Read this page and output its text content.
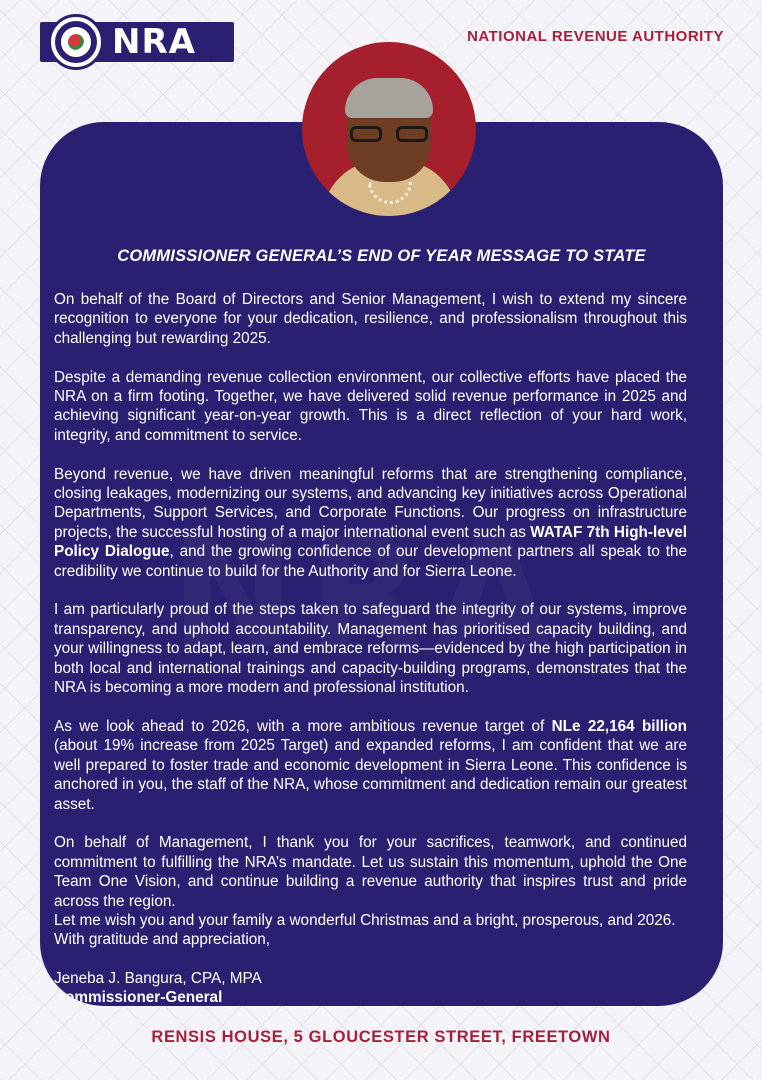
NRA	NATIONAL REVENUE AUTHORITY
COMMISSIONER GENERAL’S END OF YEAR MESSAGE TO STATE

On behalf of the Board of Directors and Senior Management, I wish to extend my sincere recognition to everyone for your dedication, resilience, and professionalism throughout this challenging but rewarding 2025.

Despite a demanding revenue collection environment, our collective efforts have placed the NRA on a firm footing. Together, we have delivered solid revenue performance in 2025 and achieving significant year-on-year growth. This is a direct reflection of your hard work, integrity, and commitment to service.

Beyond revenue, we have driven meaningful reforms that are strengthening compliance, closing leakages, modernizing our systems, and advancing key initiatives across Operational Departments, Support Services, and Corporate Functions. Our progress on infrastructure projects, the successful hosting of a major international event such as WATAF 7th High-level Policy Dialogue, and the growing confidence of our development partners all speak to the credibility we continue to build for the Authority and for Sierra Leone.

I am particularly proud of the steps taken to safeguard the integrity of our systems, improve transparency, and uphold accountability. Management has prioritised capacity building, and your willingness to adapt, learn, and embrace reforms—evidenced by the high participation in both local and international trainings and capacity-building programs, demonstrates that the NRA is becoming a more modern and professional institution.

As we look ahead to 2026, with a more ambitious revenue target of NLe 22,164 billion (about 19% increase from 2025 Target) and expanded reforms, I am confident that we are well prepared to foster trade and economic development in Sierra Leone. This confidence is anchored in you, the staff of the NRA, whose commitment and dedication remain our greatest asset.

On behalf of Management, I thank you for your sacrifices, teamwork, and continued commitment to fulfilling the NRA’s mandate. Let us sustain this momentum, uphold the One Team One Vision, and continue building a revenue authority that inspires trust and pride across the region.

Let me wish you and your family a wonderful Christmas and a bright, prosperous, and 2026.

With gratitude and appreciation,

Jeneba J. Bangura, CPA, MPA
Commissioner-General
RENSIS HOUSE, 5 GLOUCESTER STREET, FREETOWN
